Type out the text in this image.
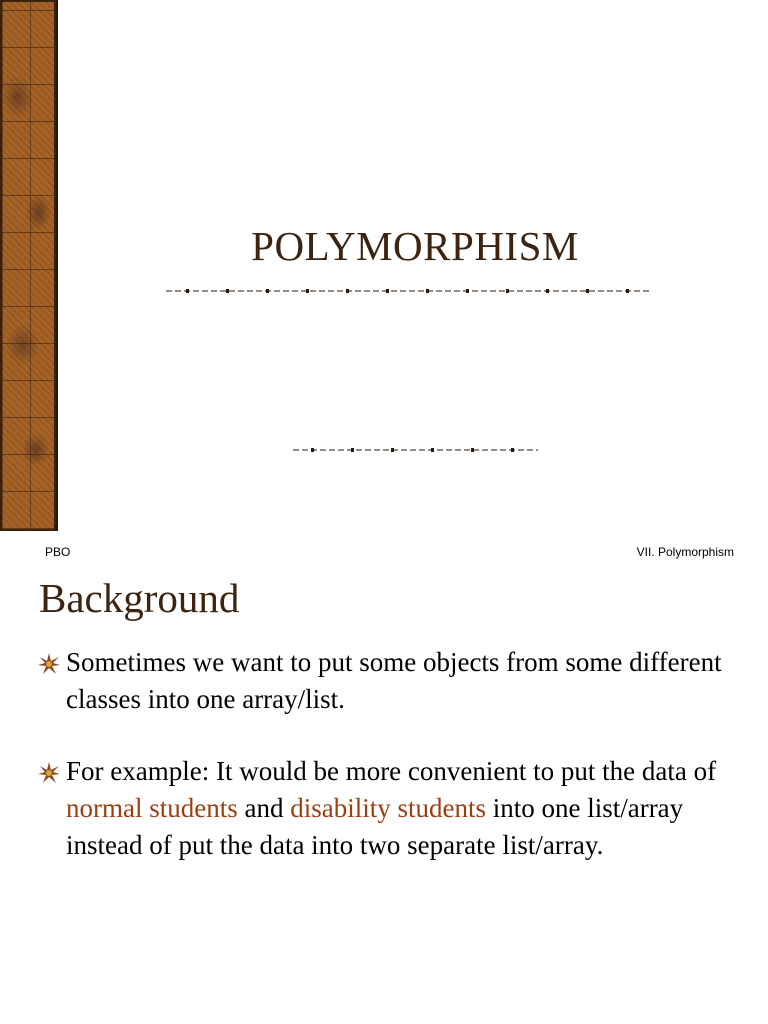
POLYMORPHISM
PBO	VII. Polymorphism
Background
Sometimes we want to put some objects from some different classes into one array/list.
For example: It would be more convenient to put the data of normal students and disability students into one list/array instead of put the data into two separate list/array.
